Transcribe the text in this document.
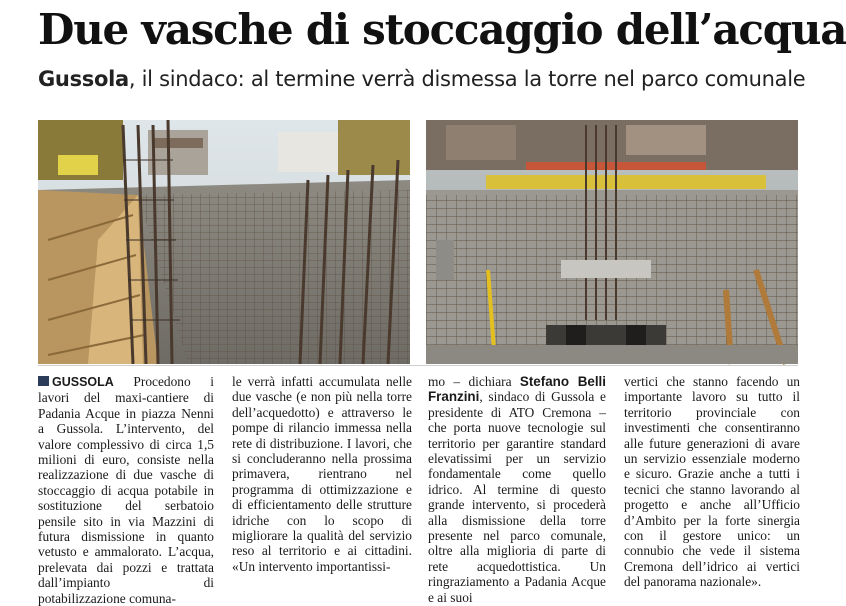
Due vasche di stoccaggio dell’acqua
Gussola, il sindaco: al termine verrà dismessa la torre nel parco comunale

GUSSOLA Procedono i lavori del maxi-cantiere di Padania Acque in piazza Nenni a Gussola. L’intervento, del valore complessivo di circa 1,5 milioni di euro, consiste nella realizzazione di due vasche di stoccaggio di acqua potabile in sostituzione del serbatoio pensile sito in via Mazzini di futura dismissione in quanto vetusto e ammalorato. L’acqua, prelevata dai pozzi e trattata dall’impianto di potabilizzazione comuna-

le verrà infatti accumulata nelle due vasche (e non più nella torre dell’acquedotto) e attraverso le pompe di rilancio immessa nella rete di distribuzione. I lavori, che si concluderanno nella prossima primavera, rientrano nel programma di ottimizzazione e di efficientamento delle strutture idriche con lo scopo di migliorare la qualità del servizio reso al territorio e ai cittadini. «Un intervento importantissi-

mo – dichiara Stefano Belli Franzini, sindaco di Gussola e presidente di ATO Cremona – che porta nuove tecnologie sul territorio per garantire standard elevatissimi per un servizio fondamentale come quello idrico. Al termine di questo grande intervento, si procederà alla dismissione della torre presente nel parco comunale, oltre alla miglioria di parte di rete acquedottistica. Un ringraziamento a Padania Acque e ai suoi

vertici che stanno facendo un importante lavoro su tutto il territorio provinciale con investimenti che consentiranno alle future generazioni di avare un servizio essenziale moderno e sicuro. Grazie anche a tutti i tecnici che stanno lavorando al progetto e anche all’Ufficio d’Ambito per la forte sinergia con il gestore unico: un connubio che vede il sistema Cremona dell’idrico ai vertici del panorama nazionale».
